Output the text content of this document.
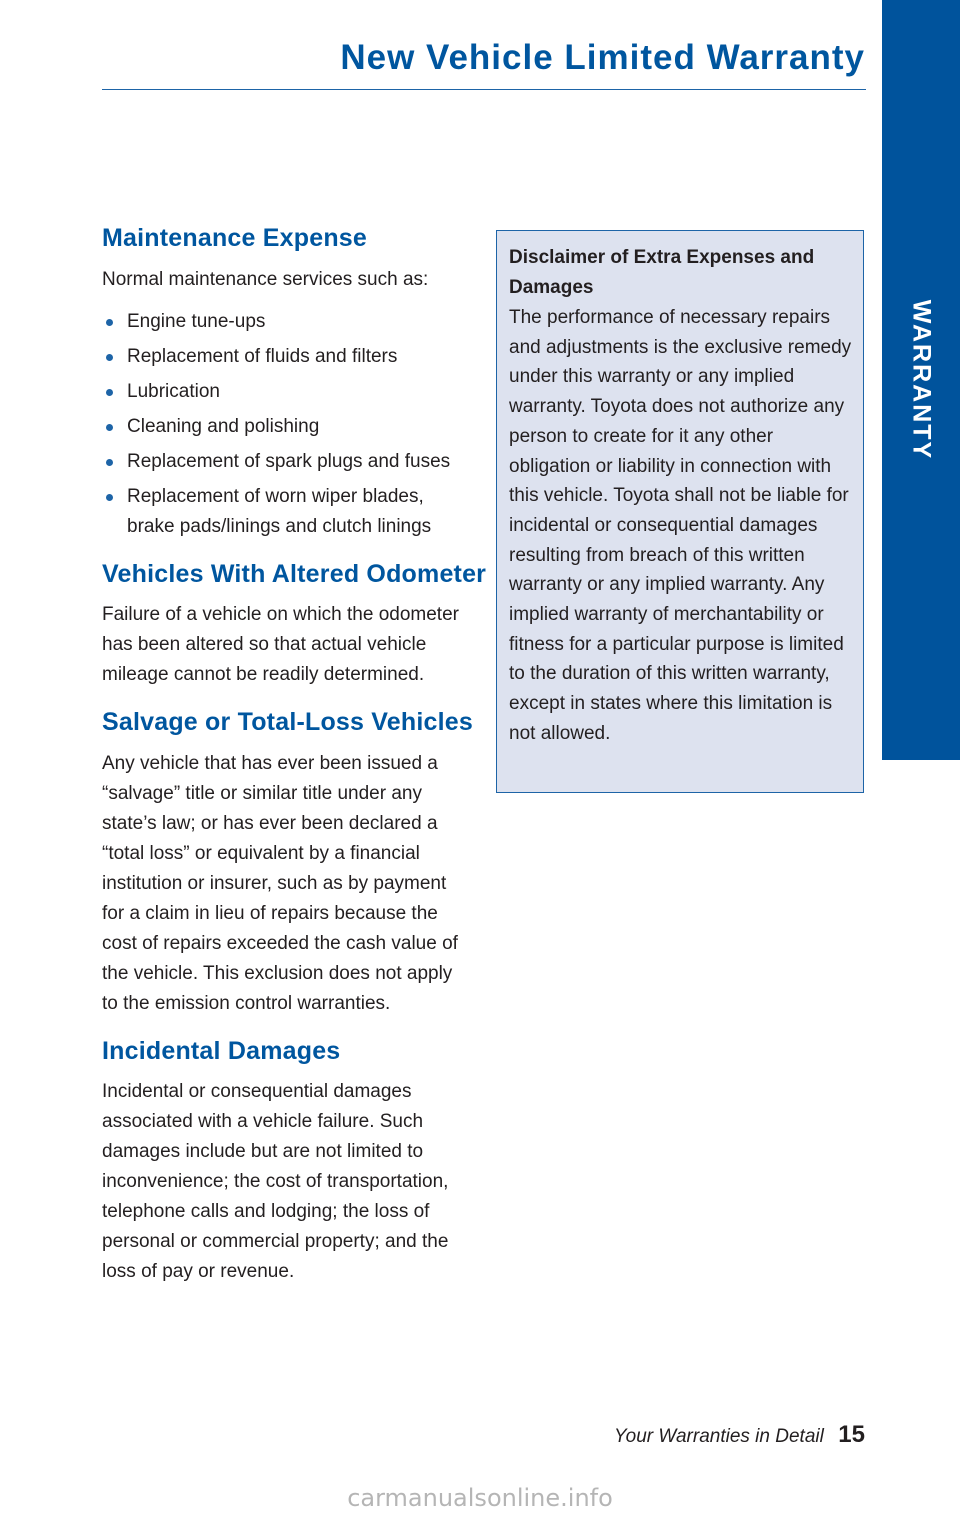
New Vehicle Limited Warranty
WARRANTY
Maintenance Expense

Normal maintenance services such as:

Engine tune-ups
Replacement of fluids and filters
Lubrication
Cleaning and polishing
Replacement of spark plugs and fuses
Replacement of worn wiper blades, brake pads/linings and clutch linings
Vehicles With Altered Odometer

Failure of a vehicle on which the odometer has been altered so that actual vehicle mileage cannot be readily determined.

Salvage or Total-Loss Vehicles

Any vehicle that has ever been issued a “salvage” title or similar title under any state’s law; or has ever been declared a “total loss” or equivalent by a financial institution or insurer, such as by payment for a claim in lieu of repairs because the cost of repairs exceeded the cash value of the vehicle. This exclusion does not apply to the emission control warranties.

Incidental Damages

Incidental or consequential damages associated with a vehicle failure. Such damages include but are not limited to inconvenience; the cost of transportation, telephone calls and lodging; the loss of personal or commercial property; and the loss of pay or revenue.

Disclaimer of Extra Expenses and Damages

The performance of necessary repairs and adjustments is the exclusive remedy under this warranty or any implied warranty. Toyota does not authorize any person to create for it any other obligation or liability in connection with this vehicle. Toyota shall not be liable for incidental or consequential damages resulting from breach of this written warranty or any implied warranty. Any implied warranty of merchantability or fitness for a particular purpose is limited to the duration of this written warranty, except in states where this limitation is not allowed.

Your Warranties in Detail 15
carmanualsonline.info
